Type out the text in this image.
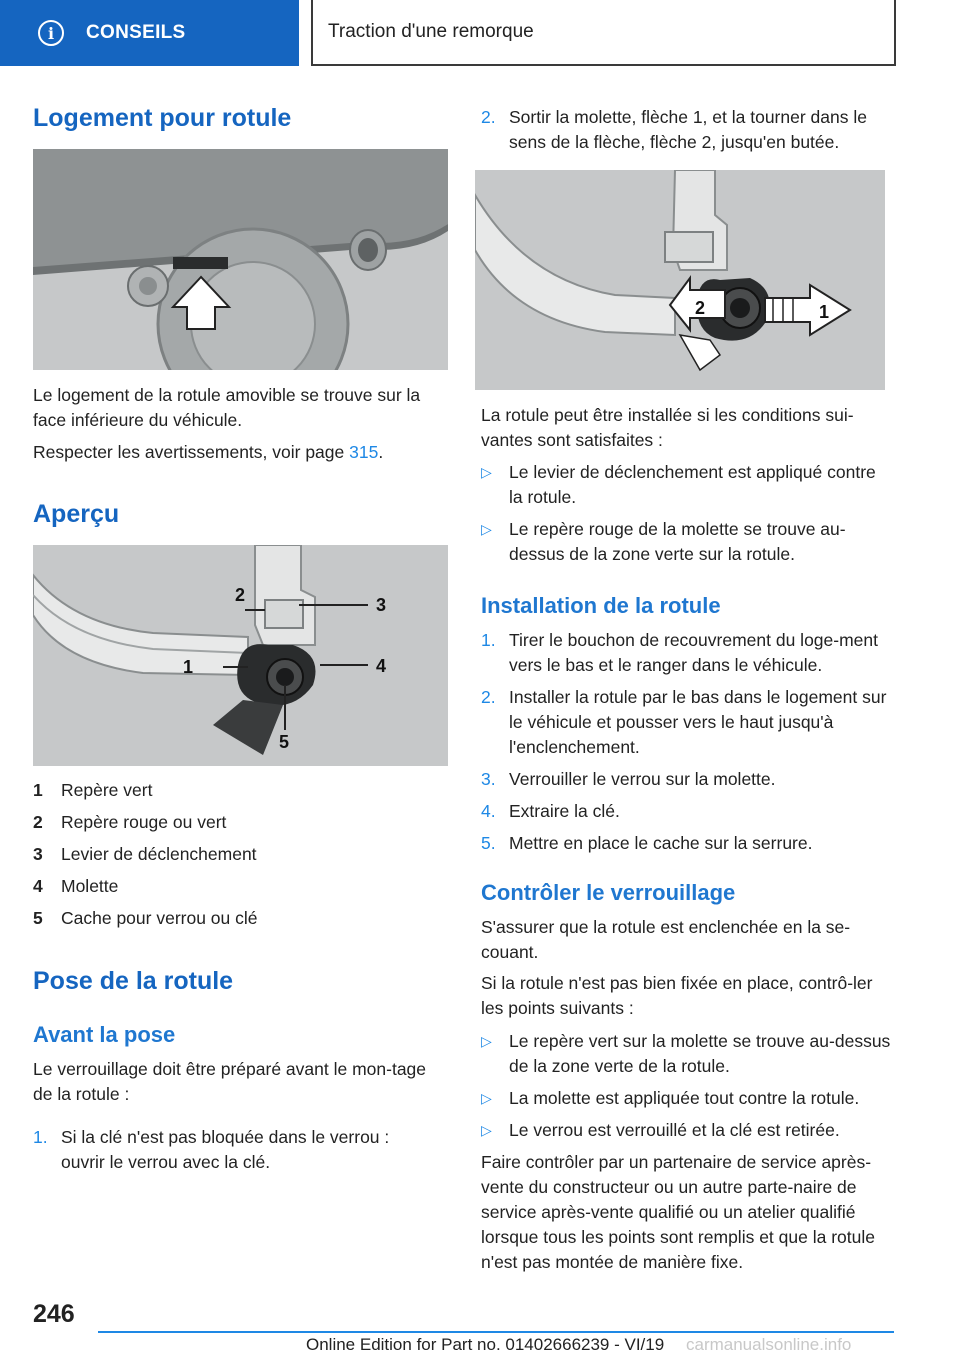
i	CONSEILS	Traction d'une remorque
Logement pour rotule
Le logement de la rotule amovible se trouve sur la face inférieure du véhicule.
Respecter les avertissements, voir page 315.
Aperçu
2	3
4
1
5
1 Repère vert
2 Repère rouge ou vert
3 Levier de déclenchement
4 Molette
5 Cache pour verrou ou clé
Pose de la rotule
Avant la pose
Le verrouillage doit être préparé avant le mon‐tage de la rotule :
1. Si la clé n'est pas bloquée dans le verrou : ouvrir le verrou avec la clé.
2. Sortir la molette, flèche 1, et la tourner dans le sens de la flèche, flèche 2, jusqu'en butée.
2	1
La rotule peut être installée si les conditions sui‐vantes sont satisfaites :
▷ Le levier de déclenchement est appliqué contre la rotule.
▷ Le repère rouge de la molette se trouve au-dessus de la zone verte sur la rotule.
Installation de la rotule
1. Tirer le bouchon de recouvrement du loge‐ment vers le bas et le ranger dans le véhicule.
2. Installer la rotule par le bas dans le logement sur le véhicule et pousser vers le haut jusqu'à l'enclenchement.
3. Verrouiller le verrou sur la molette.
4. Extraire la clé.
5. Mettre en place le cache sur la serrure.
Contrôler le verrouillage
S'assurer que la rotule est enclenchée en la se‐couant.
Si la rotule n'est pas bien fixée en place, contrô‐ler les points suivants :
▷ Le repère vert sur la molette se trouve au-dessus de la zone verte de la rotule.
▷ La molette est appliquée tout contre la rotule.
▷ Le verrou est verrouillé et la clé est retirée.
Faire contrôler par un partenaire de service après-vente du constructeur ou un autre parte‐naire de service après-vente qualifié ou un atelier qualifié lorsque tous les points sont remplis et que la rotule n'est pas montée de manière fixe.
246
Online Edition for Part no. 01402666239 - VI/19 carmanualsonline.info
